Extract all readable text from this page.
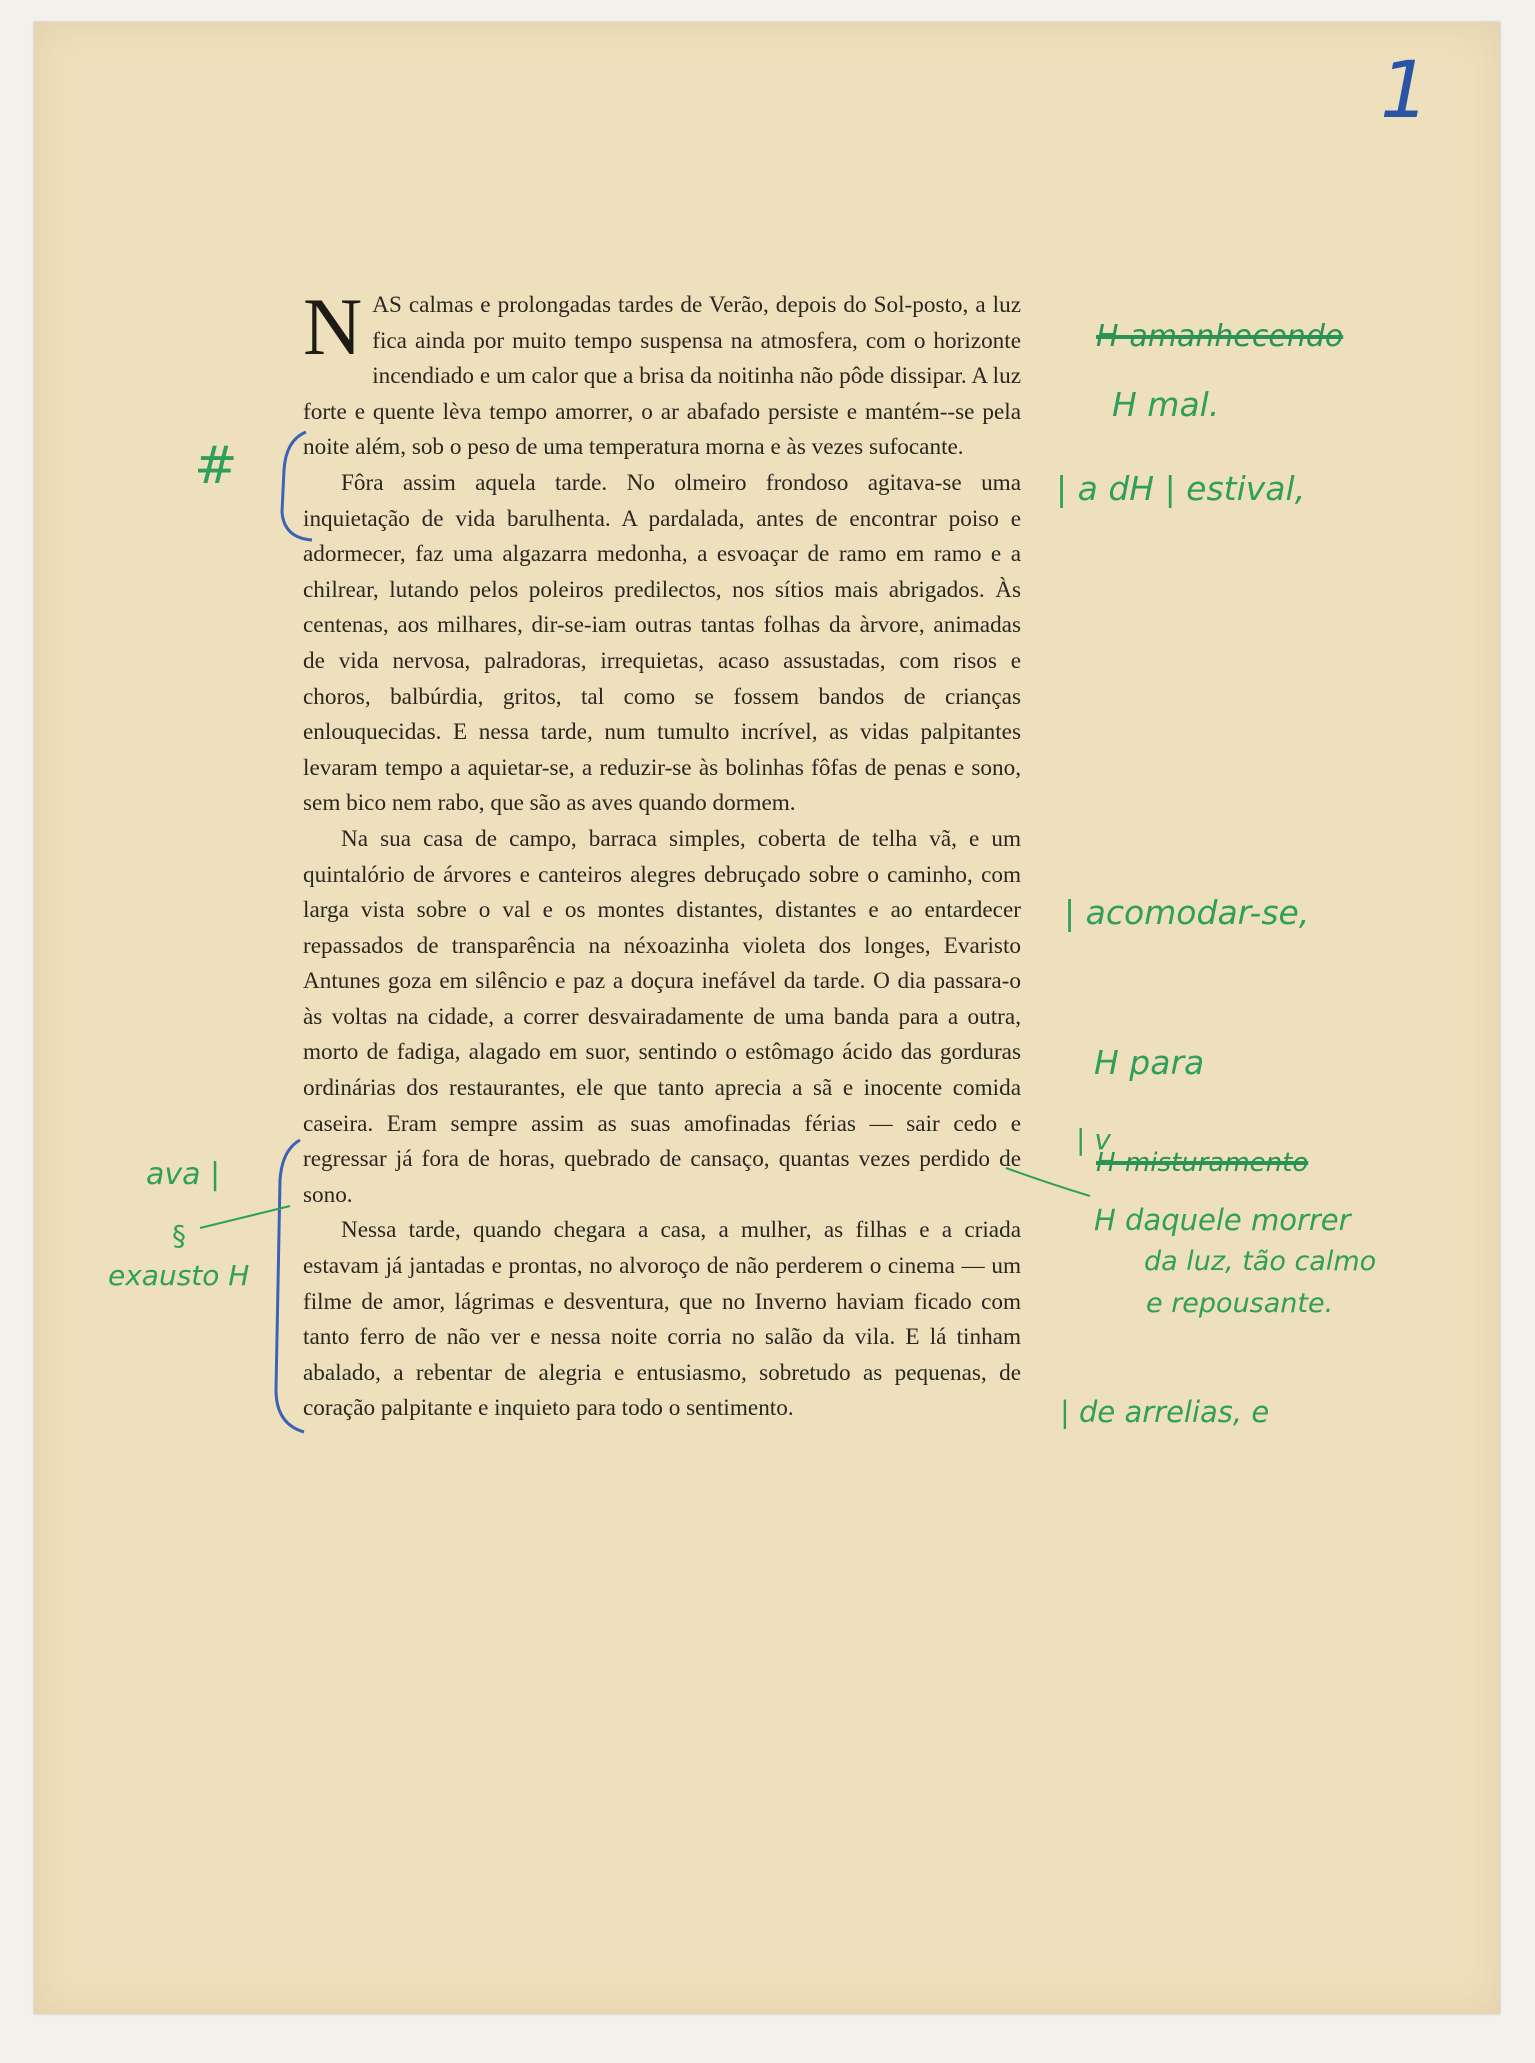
1

NAS calmas e prolongadas tardes de Verão, depois do Sol-posto, a luz fica ainda por muito tempo suspensa na atmosfera, com o horizonte incendiado e um calor que a brisa da noitinha não pôde dissipar. A luz forte e quente lèva tempo amorrer, o ar abafado persiste e mantém--se pela noite além, sob o peso de uma temperatura morna e às vezes sufocante.

Fôra assim aquela tarde. No olmeiro frondoso agitava-se uma inquietação de vida barulhenta. A pardalada, antes de encontrar poiso e adormecer, faz uma algazarra medonha, a esvoaçar de ramo em ramo e a chilrear, lutando pelos poleiros predilectos, nos sítios mais abrigados. Às centenas, aos milhares, dir-se-iam outras tantas folhas da àrvore, animadas de vida nervosa, palradoras, irrequietas, acaso assustadas, com risos e choros, balbúrdia, gritos, tal como se fossem bandos de crianças enlouquecidas. E nessa tarde, num tumulto incrível, as vidas palpitantes levaram tempo a aquietar-se, a reduzir-se às bolinhas fôfas de penas e sono, sem bico nem rabo, que são as aves quando dormem.

Na sua casa de campo, barraca simples, coberta de telha vã, e um quintalório de árvores e canteiros alegres debruçado sobre o caminho, com larga vista sobre o val e os montes distantes, distantes e ao entardecer repassados de transparência na néxoazinha violeta dos longes, Evaristo Antunes goza em silêncio e paz a doçura inefável da tarde. O dia passara-o às voltas na cidade, a correr desvairadamente de uma banda para a outra, morto de fadiga, alagado em suor, sentindo o estômago ácido das gorduras ordinárias dos restaurantes, ele que tanto aprecia a sã e inocente comida caseira. Eram sempre assim as suas amofinadas férias — sair cedo e regressar já fora de horas, quebrado de cansaço, quantas vezes perdido de sono.

Nessa tarde, quando chegara a casa, a mulher, as filhas e a criada estavam já jantadas e prontas, no alvoroço de não perderem o cinema — um filme de amor, lágrimas e desventura, que no Inverno haviam ficado com tanto ferro de não ver e nessa noite corria no salão da vila. E lá tinham abalado, a rebentar de alegria e entusiasmo, sobretudo as pequenas, de coração palpitante e inquieto para todo o sentimento.

H-amanhecendo
H mal.
| a dH | estival,
| acomodar-se,
H para
| v
H-misturamento
H daquele morrer
da luz, tão calmo
e repousante.
| de arrelias, e
#
ava |
§
exausto H
